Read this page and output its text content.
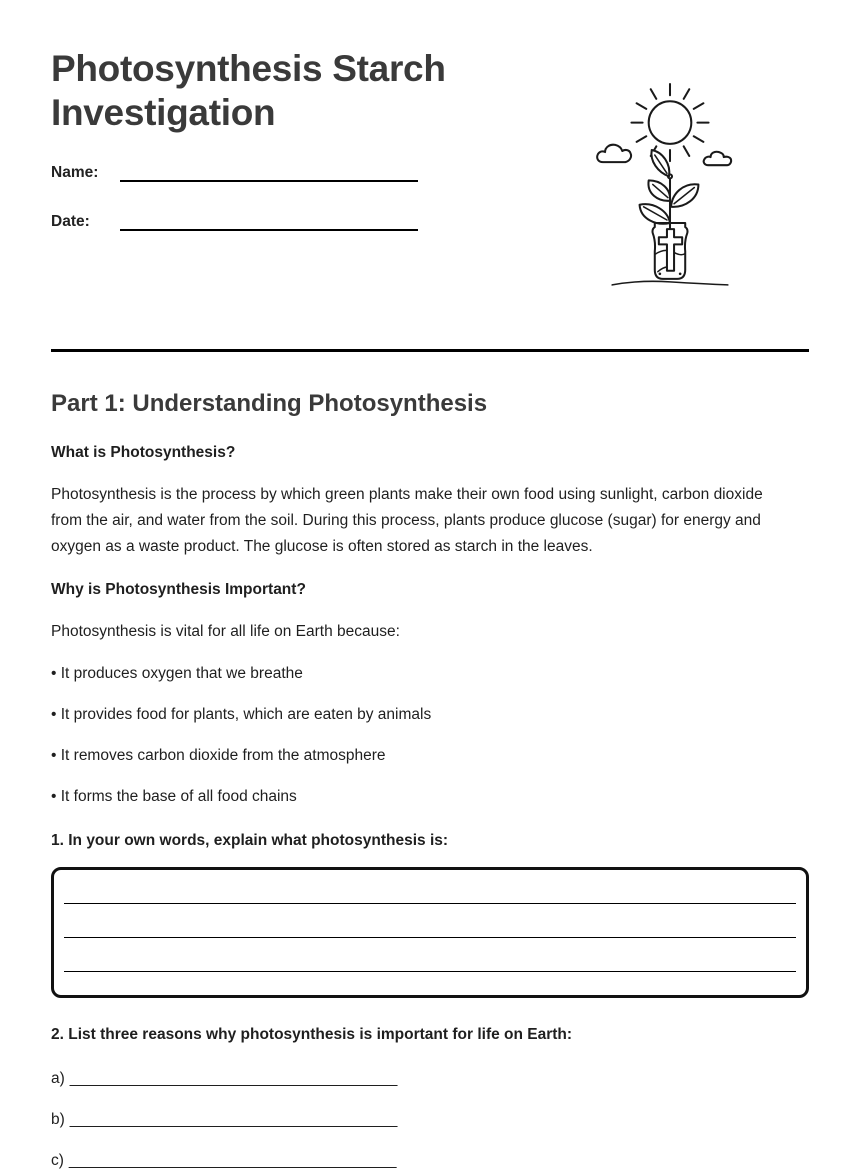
Photosynthesis Starch Investigation
Name:
Date:
Part 1: Understanding Photosynthesis
What is Photosynthesis?

Photosynthesis is the process by which green plants make their own food using sunlight, carbon dioxide from the air, and water from the soil. During this process, plants produce glucose (sugar) for energy and oxygen as a waste product. The glucose is often stored as starch in the leaves.

Why is Photosynthesis Important?

Photosynthesis is vital for all life on Earth because:

• It produces oxygen that we breathe

• It provides food for plants, which are eaten by animals

• It removes carbon dioxide from the atmosphere

• It forms the base of all food chains

1. In your own words, explain what photosynthesis is:
2. List three reasons why photosynthesis is important for life on Earth:
a) ______________________________________
b) ______________________________________
c) ______________________________________
